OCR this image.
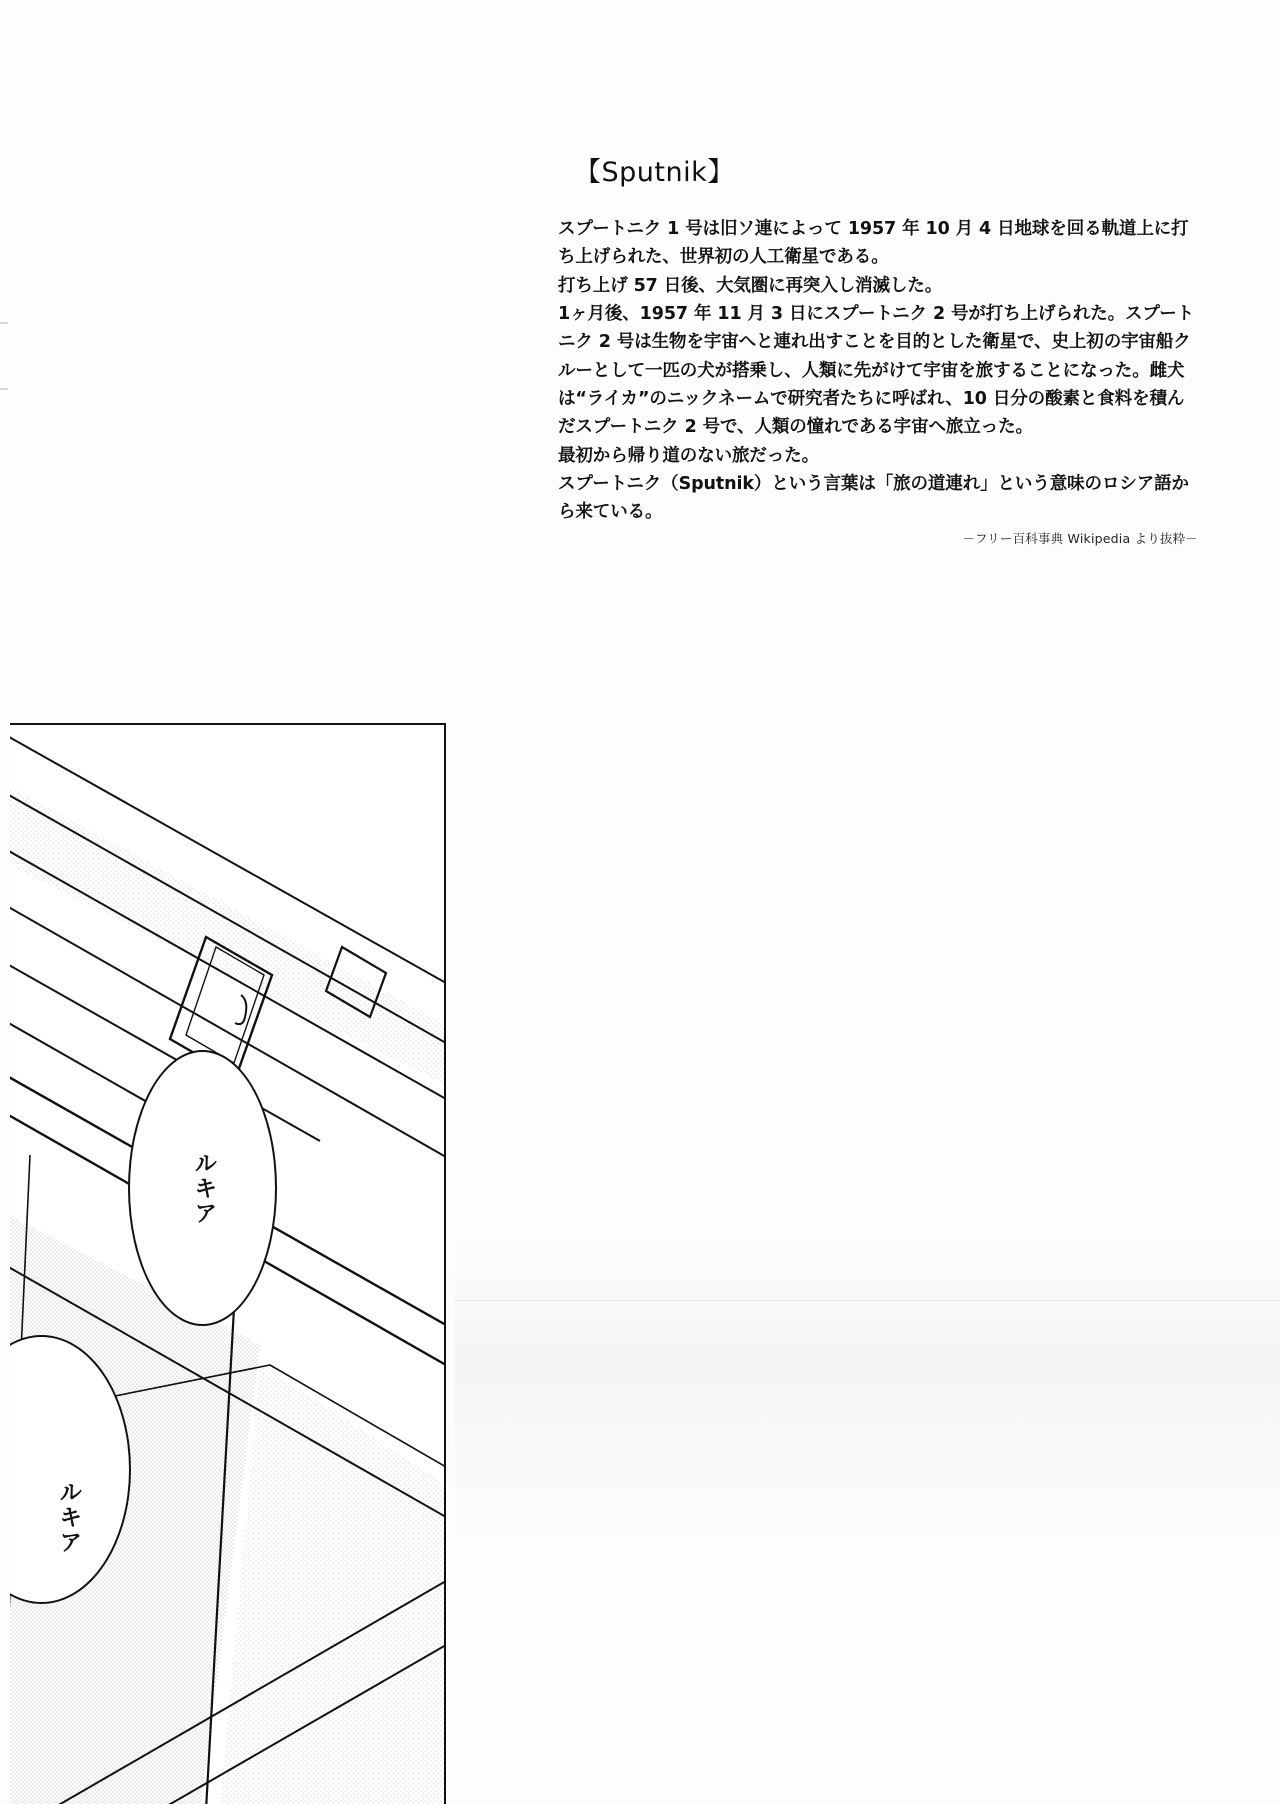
【Sputnik】

スプートニク 1 号は旧ソ連によって 1957 年 10 月 4 日地球を回る軌道上に打ち上げられた、世界初の人工衛星である。

打ち上げ 57 日後、大気圏に再突入し消滅した。

1ヶ月後、1957 年 11 月 3 日にスプートニク 2 号が打ち上げられた。スプートニク 2 号は生物を宇宙へと連れ出すことを目的とした衛星で、史上初の宇宙船クルーとして一匹の犬が搭乗し、人類に先がけて宇宙を旅することになった。雌犬は“ライカ”のニックネームで研究者たちに呼ばれ、10 日分の酸素と食料を積んだスプートニク 2 号で、人類の憧れである宇宙へ旅立った。

最初から帰り道のない旅だった。

スプートニク（Sputnik）という言葉は「旅の道連れ」という意味のロシア語から来ている。

－フリー百科事典 Wikipedia より抜粋－
ルキア
ルキア
